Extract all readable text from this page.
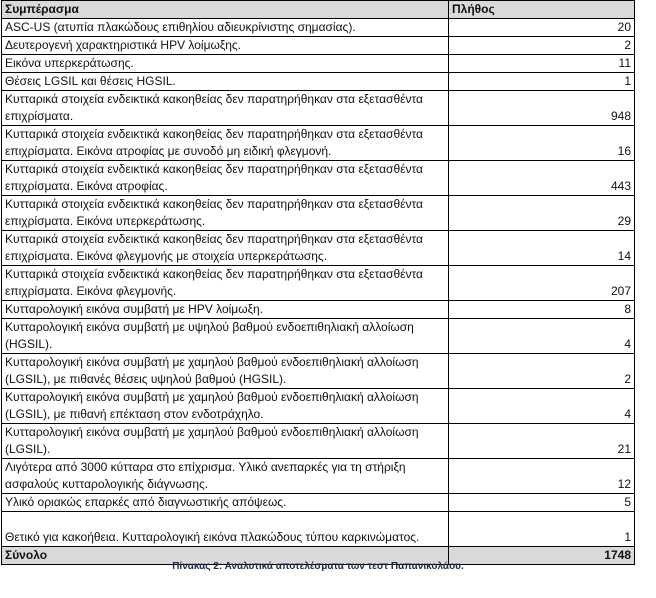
Συμπέρασμα	Πλήθος
ASC-US (ατυπία πλακώδους επιθηλίου αδιευκρίνιστης σημασίας).	20
Δευτερογενή χαρακτηριστικά HPV λοίμωξης.	2
Εικόνα υπερκεράτωσης.	11
Θέσεις LGSIL και θέσεις HGSIL.	1
Κυτταρικά στοιχεία ενδεικτικά κακοηθείας δεν παρατηρήθηκαν στα εξετασθέντα επιχρίσματα.	948
Κυτταρικά στοιχεία ενδεικτικά κακοηθείας δεν παρατηρήθηκαν στα εξετασθέντα επιχρίσματα. Εικόνα ατροφίας με συνοδό μη ειδική φλεγμονή.	16
Κυτταρικά στοιχεία ενδεικτικά κακοηθείας δεν παρατηρήθηκαν στα εξετασθέντα επιχρίσματα. Εικόνα ατροφίας.	443
Κυτταρικά στοιχεία ενδεικτικά κακοηθείας δεν παρατηρήθηκαν στα εξετασθέντα επιχρίσματα. Εικόνα υπερκεράτωσης.	29
Κυτταρικά στοιχεία ενδεικτικά κακοηθείας δεν παρατηρήθηκαν στα εξετασθέντα επιχρίσματα. Εικόνα φλεγμονής με στοιχεία υπερκεράτωσης.	14
Κυτταρικά στοιχεία ενδεικτικά κακοηθείας δεν παρατηρήθηκαν στα εξετασθέντα επιχρίσματα. Εικόνα φλεγμονής.	207
Κυτταρολογική εικόνα συμβατή με HPV λοίμωξη.	8
Κυτταρολογική εικόνα συμβατή με υψηλού βαθμού ενδοεπιθηλιακή αλλοίωση (HGSIL).	4
Κυτταρολογική εικόνα συμβατή με χαμηλού βαθμού ενδοεπιθηλιακή αλλοίωση (LGSIL), με πιθανές θέσεις υψηλού βαθμού (HGSIL).	2
Κυτταρολογική εικόνα συμβατή με χαμηλού βαθμού ενδοεπιθηλιακή αλλοίωση (LGSIL), με πιθανή επέκταση στον ενδοτράχηλο.	4
Κυτταρολογική εικόνα συμβατή με χαμηλού βαθμού ενδοεπιθηλιακή αλλοίωση (LGSIL).	21
Λιγότερα από 3000 κύτταρα στο επίχρισμα. Υλικό ανεπαρκές για τη στήριξη ασφαλούς κυτταρολογικής διάγνωσης.	12
Υλικό οριακώς επαρκές από διαγνωστικής απόψεως.	5
Θετικό για κακοήθεια. Κυτταρολογική εικόνα πλακώδους τύπου καρκινώματος.	1
Σύνολο	1748
Πίνακας 2: Αναλυτικά αποτελέσματα των τεστ Παπανικολάου.
